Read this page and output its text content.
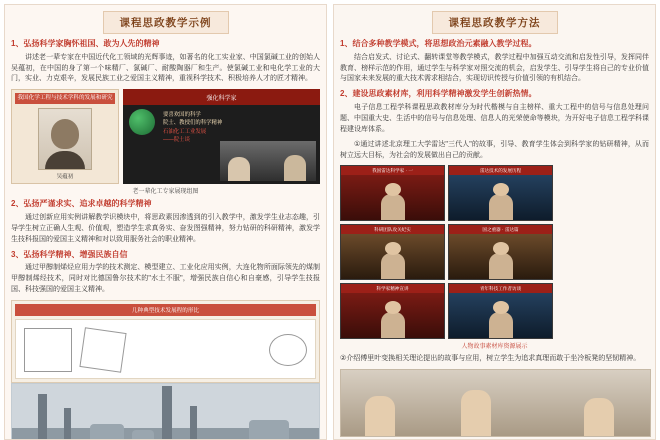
课程思政教学示例
1、弘扬科学家胸怀祖国、敢为人先的精神
讲述老一辈专家在中国近代化工领域的光辉事迹，如著名的化工实业家、中国氯碱工业的创始人吴蕴初，在中国的身了第一个味精厂、氯碱厂、耐酸陶器厂和生产。使氯碱工业和电化学工业的大门，实业、力克艰辛，发展民族工业之爱国主义精神，重视科学技术、积极培养人才的匠才精神。
我国化学工程与技术学科的发展和研究
吴蕴初
强化科学家
要喜欢国的科学
院士、教授们的科学精神
石油化工工业发展
——院士谈
老一辈化工专家展现组图
2、弘扬严谨求实、追求卓越的科学精神
通过创新应用实例讲解教学识模块中，将思政素因渗透到的引入教学中，激发学生业志态趣，引导学生树立正确人生观、价值观，塑造学生求真务实、奋发图强精神，努力钻研的科研精神，激发学生技科报国的爱国主义精神和对以致用服务社会的职业精神。
3、弘扬科学精神、增强民族自信
通过甲醇制烯烃应用力学的技术测定、模型建立、工业化应用实例，大连化物所面际领先的煤制甲醇制烯经技术，同时对比德国鲁尔技术的"水土不服"，增强民族自信心和自豪感，引导学生技报国、科技强国的爱国主义精神。
几种典型技术发展程的形比
课程思政教学方法
1、结合多种教学模式，将思想政治元素融入教学过程。
结合启发式、讨论式、翻转课堂等教学模式，教学过程中加强互动交流和启发性引导，发挥同伴教育、榜样示范的作用，通过学生与科学家对照交流的机会，启发学生、引导学生将自己的专业价值与国家未来发展的重大技术需求相结合，实现切识传授与价值引领的有机结合。
2、建设思政素材库，利用科学精神激发学生创新热情。
电子信息工程学科课程思政教材库分为时代楷模与自主榜样、重大工程中的信号与信息处理问题、中国重大史、生活中的信号与信息处理、信息人的光荣使命等模块，为开好电子信息工程学科课程建设库体系。
①通过讲述北京理工大学雷达"三代人"的故事，引导、教育学生体会到科学家的钻研精神，从而树立远大目标，为社会的发展做出自己的贡献。
我国雷达科学家 · 一	雷达技术的发展历程
科研团队攻关纪实	国之重器 · 雷达篇
科学家精神宣讲	青年科技工作者访谈
人物故事素材库资源展示
②介绍傅里叶变换相关理论提出的故事与应用，树立学生为追求真理而敢于坐冷板凳的坚韧精神。
